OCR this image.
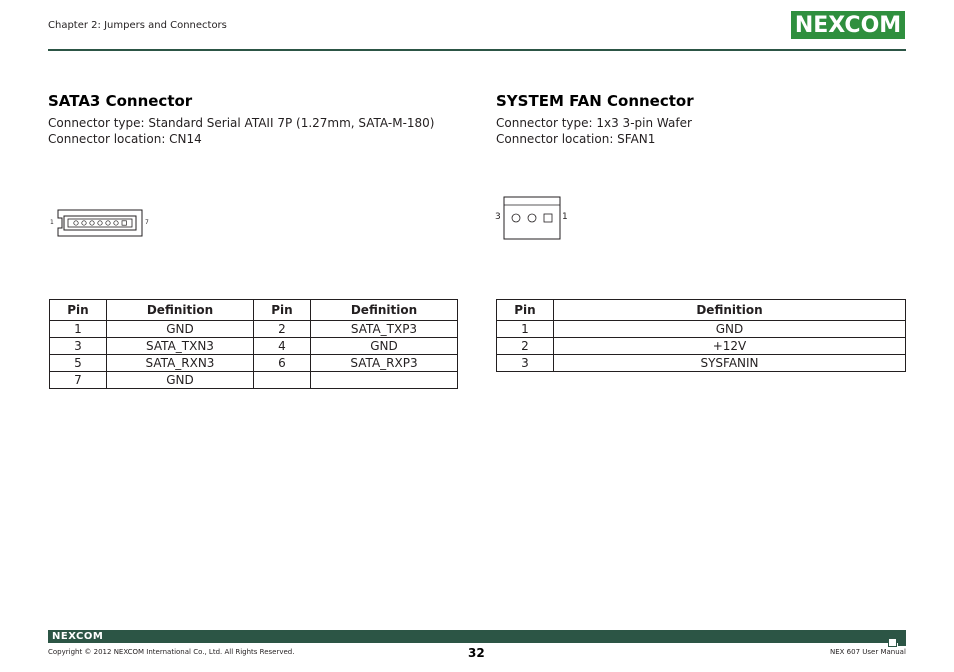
Chapter 2: Jumpers and Connectors	NEXCOM
SATA3 Connector
Connector type: Standard Serial ATAII 7P (1.27mm, SATA-M-180)
Connector location: CN14
1	7
Pin	Definition	Pin	Definition
1	GND	2	SATA_TXP3
3	SATA_TXN3	4	GND
5	SATA_RXN3	6	SATA_RXP3
7	GND		
SYSTEM FAN Connector
Connector type: 1x3 3-pin Wafer
Connector location: SFAN1
3	1
Pin	Definition
1	GND
2	+12V
3	SYSFANIN
NEXCOM
Copyright © 2012 NEXCOM International Co., Ltd. All Rights Reserved.	32	NEX 607 User Manual
